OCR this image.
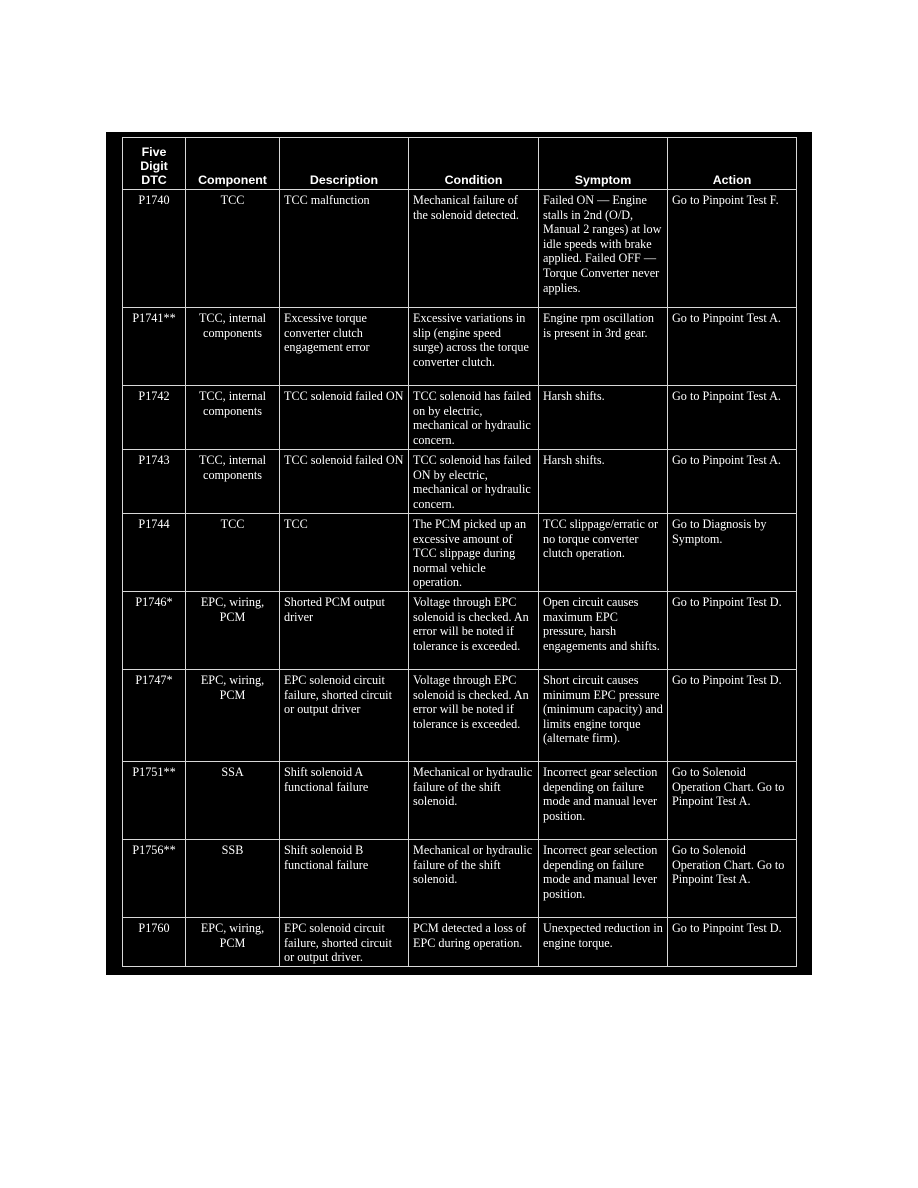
Five Digit DTC	Component	Description	Condition	Symptom	Action
P1740	TCC	TCC malfunction	Mechanical failure of the solenoid detected.	Failed ON — Engine stalls in 2nd (O/D, Manual 2 ranges) at low idle speeds with brake applied. Failed OFF — Torque Converter never applies.	Go to Pinpoint Test F.
P1741**	TCC, internal components	Excessive torque converter clutch engagement error	Excessive variations in slip (engine speed surge) across the torque converter clutch.	Engine rpm oscillation is present in 3rd gear.	Go to Pinpoint Test A.
P1742	TCC, internal components	TCC solenoid failed ON	TCC solenoid has failed on by electric, mechanical or hydraulic concern.	Harsh shifts.	Go to Pinpoint Test A.
P1743	TCC, internal components	TCC solenoid failed ON	TCC solenoid has failed ON by electric, mechanical or hydraulic concern.	Harsh shifts.	Go to Pinpoint Test A.
P1744	TCC	TCC	The PCM picked up an excessive amount of TCC slippage during normal vehicle operation.	TCC slippage/erratic or no torque converter clutch operation.	Go to Diagnosis by Symptom.
P1746*	EPC, wiring, PCM	Shorted PCM output driver	Voltage through EPC solenoid is checked. An error will be noted if tolerance is exceeded.	Open circuit causes maximum EPC pressure, harsh engagements and shifts.	Go to Pinpoint Test D.
P1747*	EPC, wiring, PCM	EPC solenoid circuit failure, shorted circuit or output driver	Voltage through EPC solenoid is checked. An error will be noted if tolerance is exceeded.	Short circuit causes minimum EPC pressure (minimum capacity) and limits engine torque (alternate firm).	Go to Pinpoint Test D.
P1751**	SSA	Shift solenoid A functional failure	Mechanical or hydraulic failure of the shift solenoid.	Incorrect gear selection depending on failure mode and manual lever position.	Go to Solenoid Operation Chart. Go to Pinpoint Test A.
P1756**	SSB	Shift solenoid B functional failure	Mechanical or hydraulic failure of the shift solenoid.	Incorrect gear selection depending on failure mode and manual lever position.	Go to Solenoid Operation Chart. Go to Pinpoint Test A.
P1760	EPC, wiring, PCM	EPC solenoid circuit failure, shorted circuit or output driver.	PCM detected a loss of EPC during operation.	Unexpected reduction in engine torque.	Go to Pinpoint Test D.
